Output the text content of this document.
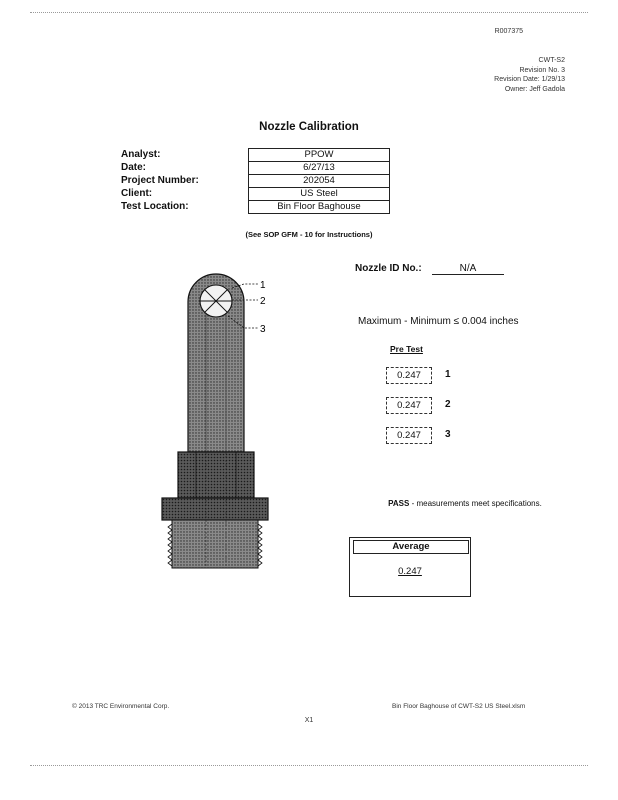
R007375
CWT-S2
Revision No. 3
Revision Date: 1/29/13
Owner: Jeff Gadola
Nozzle Calibration
Analyst:	PPOW
Date:	6/27/13
Project Number:	202054
Client:	US Steel
Test Location:	Bin Floor Baghouse
(See SOP GFM - 10 for Instructions)
1
2
3
Nozzle ID No.:	N/A
Maximum - Minimum ≤ 0.004 inches
Pre Test
0.247	1
0.247	2
0.247	3
PASS - measurements meet specifications.
Average
0.247
© 2013 TRC Environmental Corp.	Bin Floor Baghouse of CWT-S2 US Steel.xlsm
X1
